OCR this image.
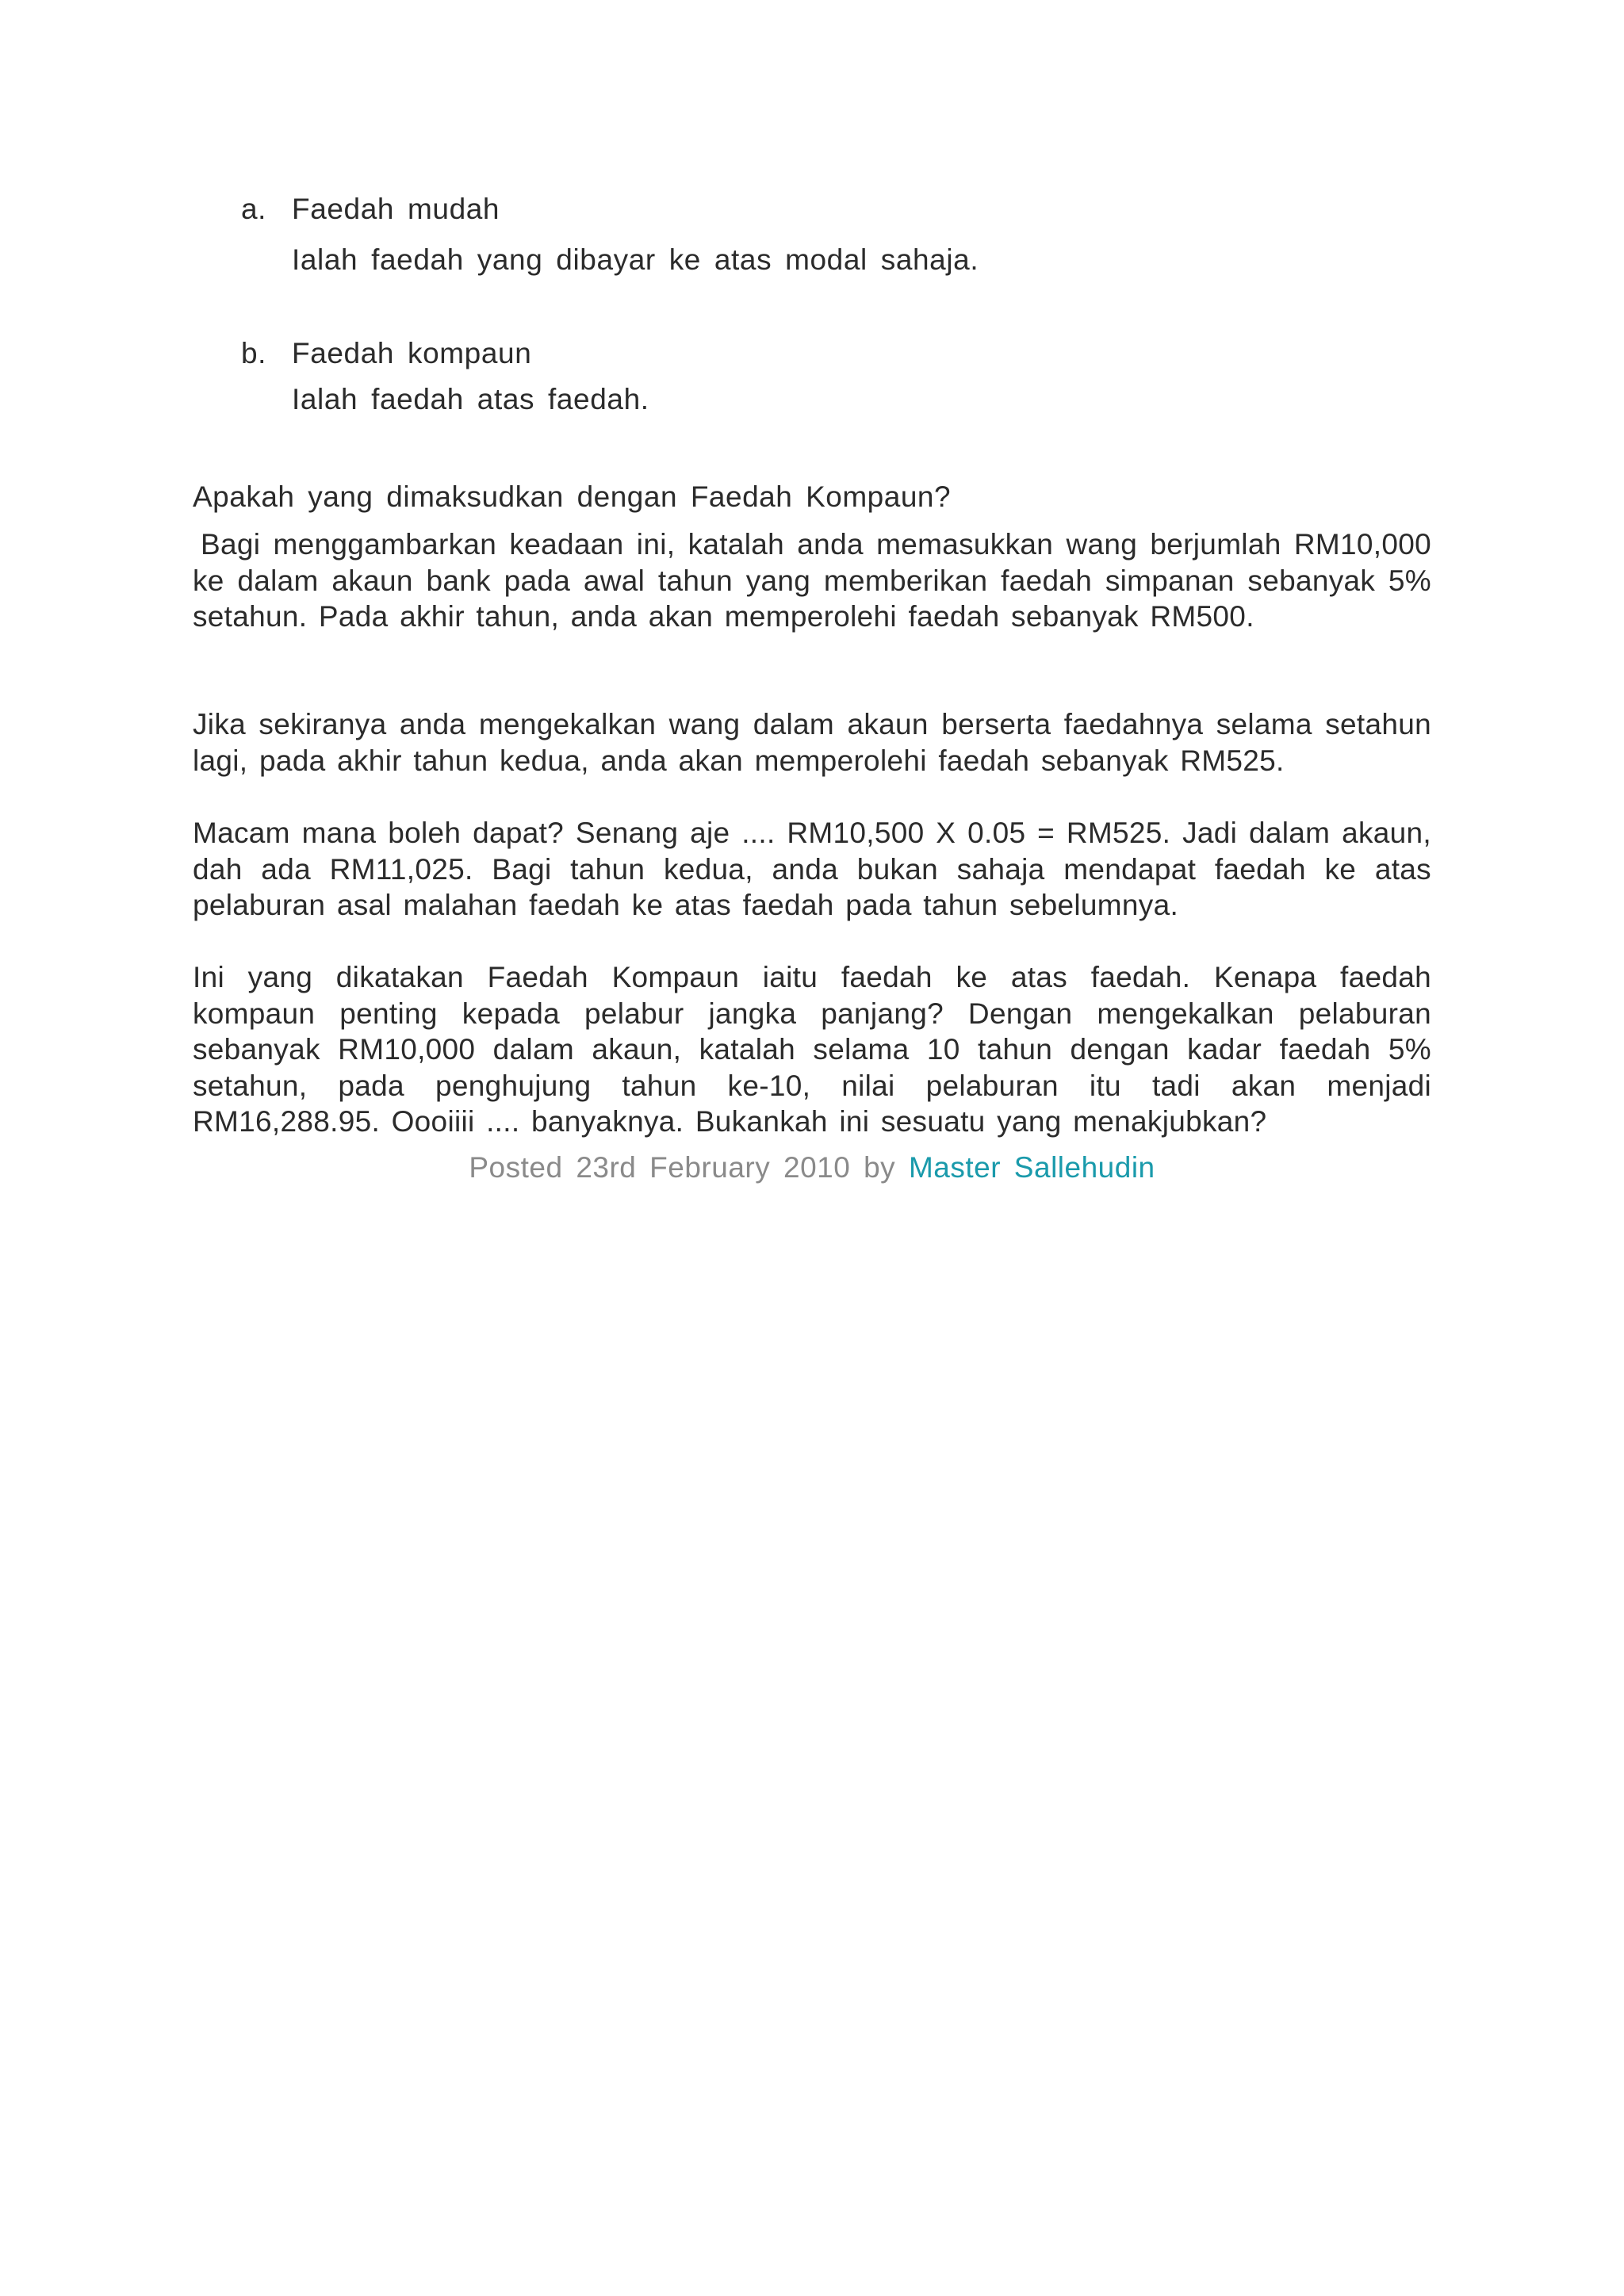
a. Faedah mudah
Ialah faedah yang dibayar ke atas modal sahaja.
b. Faedah kompaun
Ialah faedah atas faedah.
Apakah yang dimaksudkan dengan Faedah Kompaun?

Bagi menggambarkan keadaan ini, katalah anda memasukkan wang berjumlah RM10,000 ke dalam akaun bank pada awal tahun yang memberikan faedah simpanan sebanyak 5% setahun. Pada akhir tahun, anda akan memperolehi faedah sebanyak RM500.

Jika sekiranya anda mengekalkan wang dalam akaun berserta faedahnya selama setahun lagi, pada akhir tahun kedua, anda akan memperolehi faedah sebanyak RM525.

Macam mana boleh dapat? Senang aje .... RM10,500 X 0.05 = RM525. Jadi dalam akaun, dah ada RM11,025. Bagi tahun kedua, anda bukan sahaja mendapat faedah ke atas pelaburan asal malahan faedah ke atas faedah pada tahun sebelumnya.

Ini yang dikatakan Faedah Kompaun iaitu faedah ke atas faedah. Kenapa faedah kompaun penting kepada pelabur jangka panjang? Dengan mengekalkan pelaburan sebanyak RM10,000 dalam akaun, katalah selama 10 tahun dengan kadar faedah 5% setahun, pada penghujung tahun ke-10, nilai pelaburan itu tadi akan menjadi RM16,288.95. Oooiiii .... banyaknya. Bukankah ini sesuatu yang menakjubkan?

Posted 23rd February 2010 by Master Sallehudin
